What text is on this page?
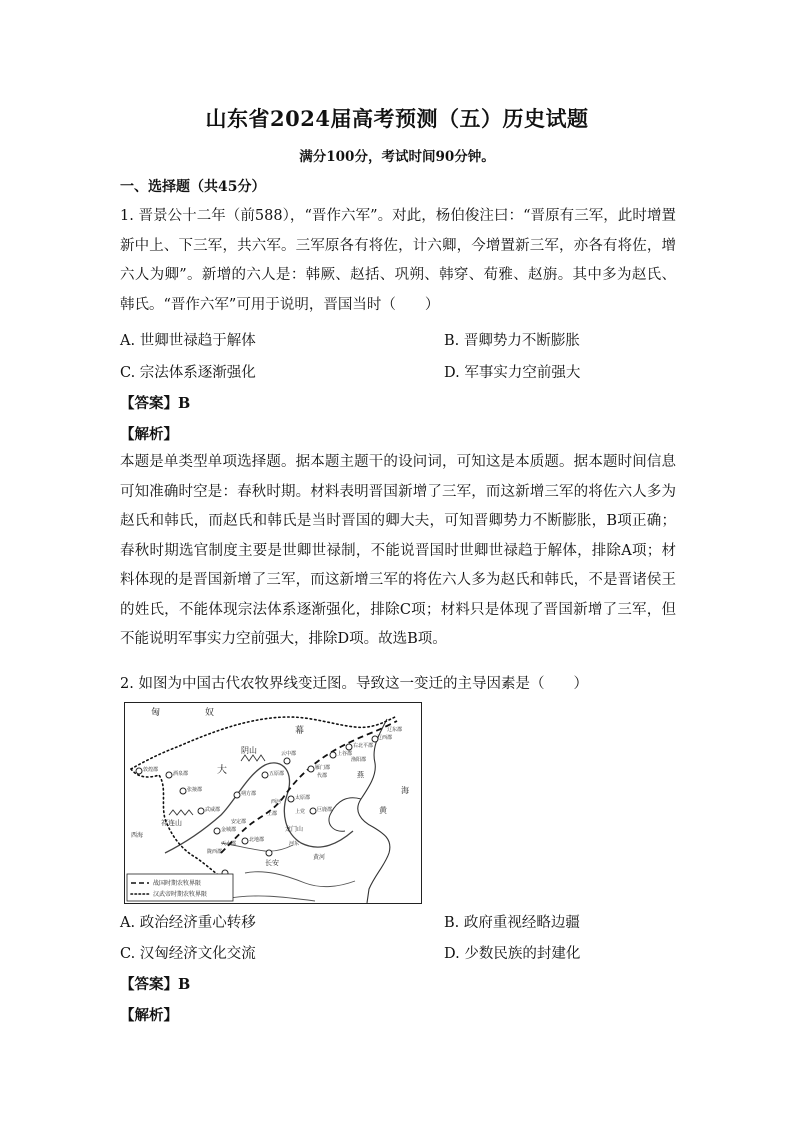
山东省2024届高考预测（五）历史试题
满分100分，考试时间90分钟。
一、选择题（共45分）

1. 晋景公十二年（前588），“晋作六军”。对此，杨伯俊注曰：“晋原有三军，此时增置新中上、下三军，共六军。三军原各有将佐，计六卿，今增置新三军，亦各有将佐，增六人为卿”。新增的六人是：韩厥、赵括、巩朔、韩穿、荀雅、赵旃。其中多为赵氏、韩氏。“晋作六军”可用于说明，晋国当时（　　）

A. 世卿世禄趋于解体	B. 晋卿势力不断膨胀
C. 宗法体系逐渐强化	D. 军事实力空前强大
【答案】B
【解析】

本题是单类型单项选择题。据本题主题干的设问词，可知这是本质题。据本题时间信息可知准确时空是：春秋时期。材料表明晋国新增了三军，而这新增三军的将佐六人多为赵氏和韩氏，而赵氏和韩氏是当时晋国的卿大夫，可知晋卿势力不断膨胀，B项正确；春秋时期选官制度主要是世卿世禄制，不能说晋国时世卿世禄趋于解体，排除A项；材料体现的是晋国新增了三军，而这新增三军的将佐六人多为赵氏和韩氏，不是晋诸侯王的姓氏，不能体现宗法体系逐渐强化，排除C项；材料只是体现了晋国新增了三军，但不能说明军事实力空前强大，排除D项。故选B项。

2. 如图为中国古代农牧界线变迁图。导致这一变迁的主导因素是（　　）

匈	奴
幕
大
阴山
祁连山
长安
龙门山
敦煌郡
酒泉郡
张掖郡
武威郡
金城郡
朔方郡
五原郡
云中郡
雁门郡
代郡
上谷郡
渔阳郡
右北平郡
辽西郡
辽东郡
太原郡
上党 巨鹿郡
安定郡
天水郡
陇西郡
北地郡
上郡
西河
河东
燕
西海
海
黄
黄河
战国时期农牧界限
汉武帝时期农牧界限
A. 政治经济重心转移	B. 政府重视经略边疆
C. 汉匈经济文化交流	D. 少数民族的封建化
【答案】B
【解析】
